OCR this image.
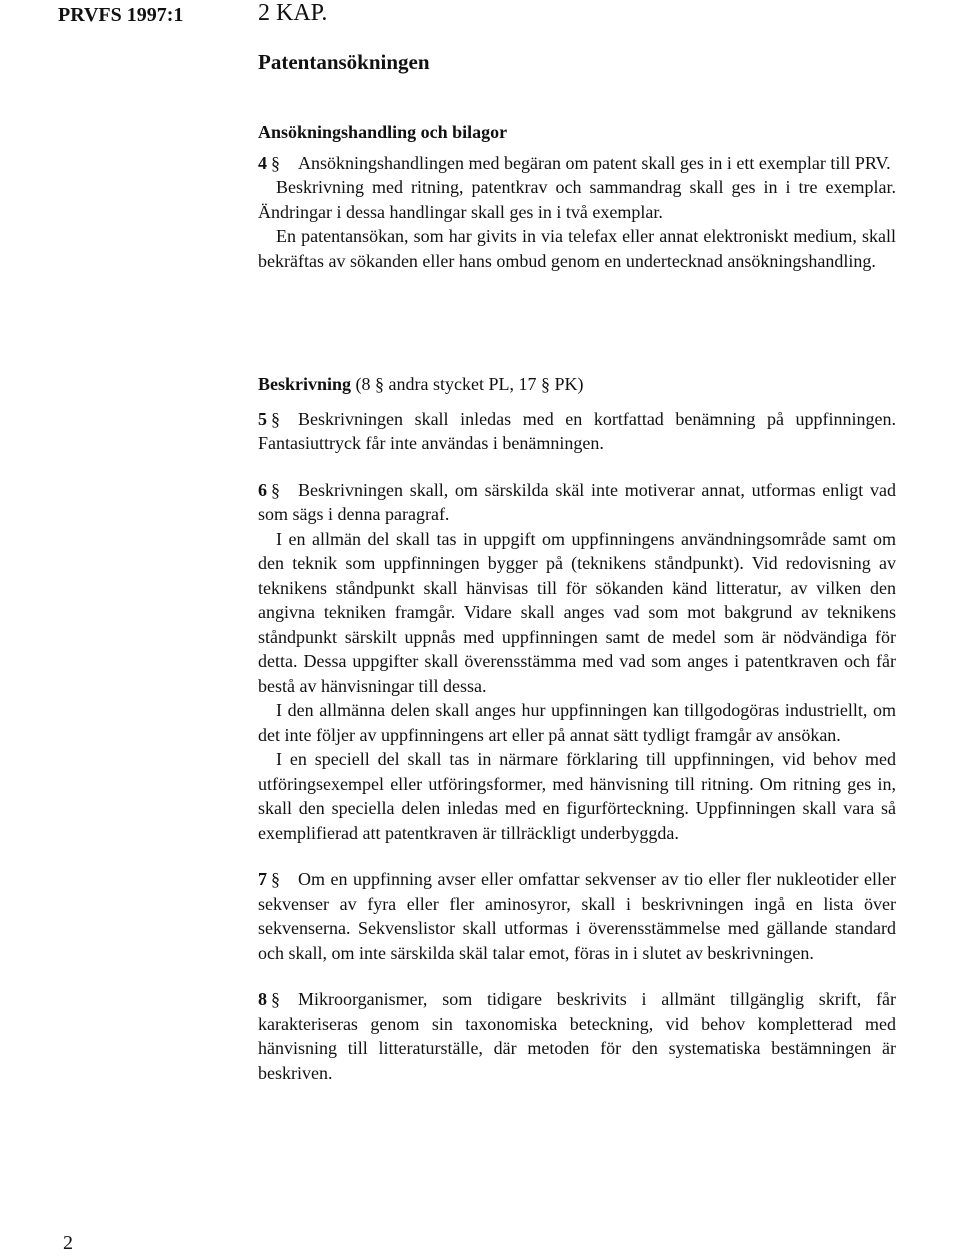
PRVFS 1997:1	2 KAP.
Patentansökningen

Ansökningshandling och bilagor

4 § Ansökningshandlingen med begäran om patent skall ges in i ett exemplar till PRV.

Beskrivning med ritning, patentkrav och sammandrag skall ges in i tre exemplar. Ändringar i dessa handlingar skall ges in i två exemplar.

En patentansökan, som har givits in via telefax eller annat elektroniskt medium, skall bekräftas av sökanden eller hans ombud genom en undertecknad ansökningshandling.

Beskrivning (8 § andra stycket PL, 17 § PK)

5 § Beskrivningen skall inledas med en kortfattad benämning på uppfinningen. Fantasiuttryck får inte användas i benämningen.

6 § Beskrivningen skall, om särskilda skäl inte motiverar annat, utformas enligt vad som sägs i denna paragraf.

I en allmän del skall tas in uppgift om uppfinningens användningsområde samt om den teknik som uppfinningen bygger på (teknikens ståndpunkt). Vid redovisning av teknikens ståndpunkt skall hänvisas till för sökanden känd litteratur, av vilken den angivna tekniken framgår. Vidare skall anges vad som mot bakgrund av teknikens ståndpunkt särskilt uppnås med uppfinningen samt de medel som är nödvändiga för detta. Dessa uppgifter skall överensstämma med vad som anges i patentkraven och får bestå av hänvisningar till dessa.

I den allmänna delen skall anges hur uppfinningen kan tillgodogöras industriellt, om det inte följer av uppfinningens art eller på annat sätt tydligt framgår av ansökan.

I en speciell del skall tas in närmare förklaring till uppfinningen, vid behov med utföringsexempel eller utföringsformer, med hänvisning till ritning. Om ritning ges in, skall den speciella delen inledas med en figurförteckning. Uppfinningen skall vara så exemplifierad att patentkraven är tillräckligt underbyggda.

7 § Om en uppfinning avser eller omfattar sekvenser av tio eller fler nukleotider eller sekvenser av fyra eller fler aminosyror, skall i beskrivningen ingå en lista över sekvenserna. Sekvenslistor skall utformas i överensstämmelse med gällande standard och skall, om inte särskilda skäl talar emot, föras in i slutet av beskrivningen.

8 § Mikroorganismer, som tidigare beskrivits i allmänt tillgänglig skrift, får karakteriseras genom sin taxonomiska beteckning, vid behov kompletterad med hänvisning till litteraturställe, där metoden för den systematiska bestämningen är beskriven.

2
